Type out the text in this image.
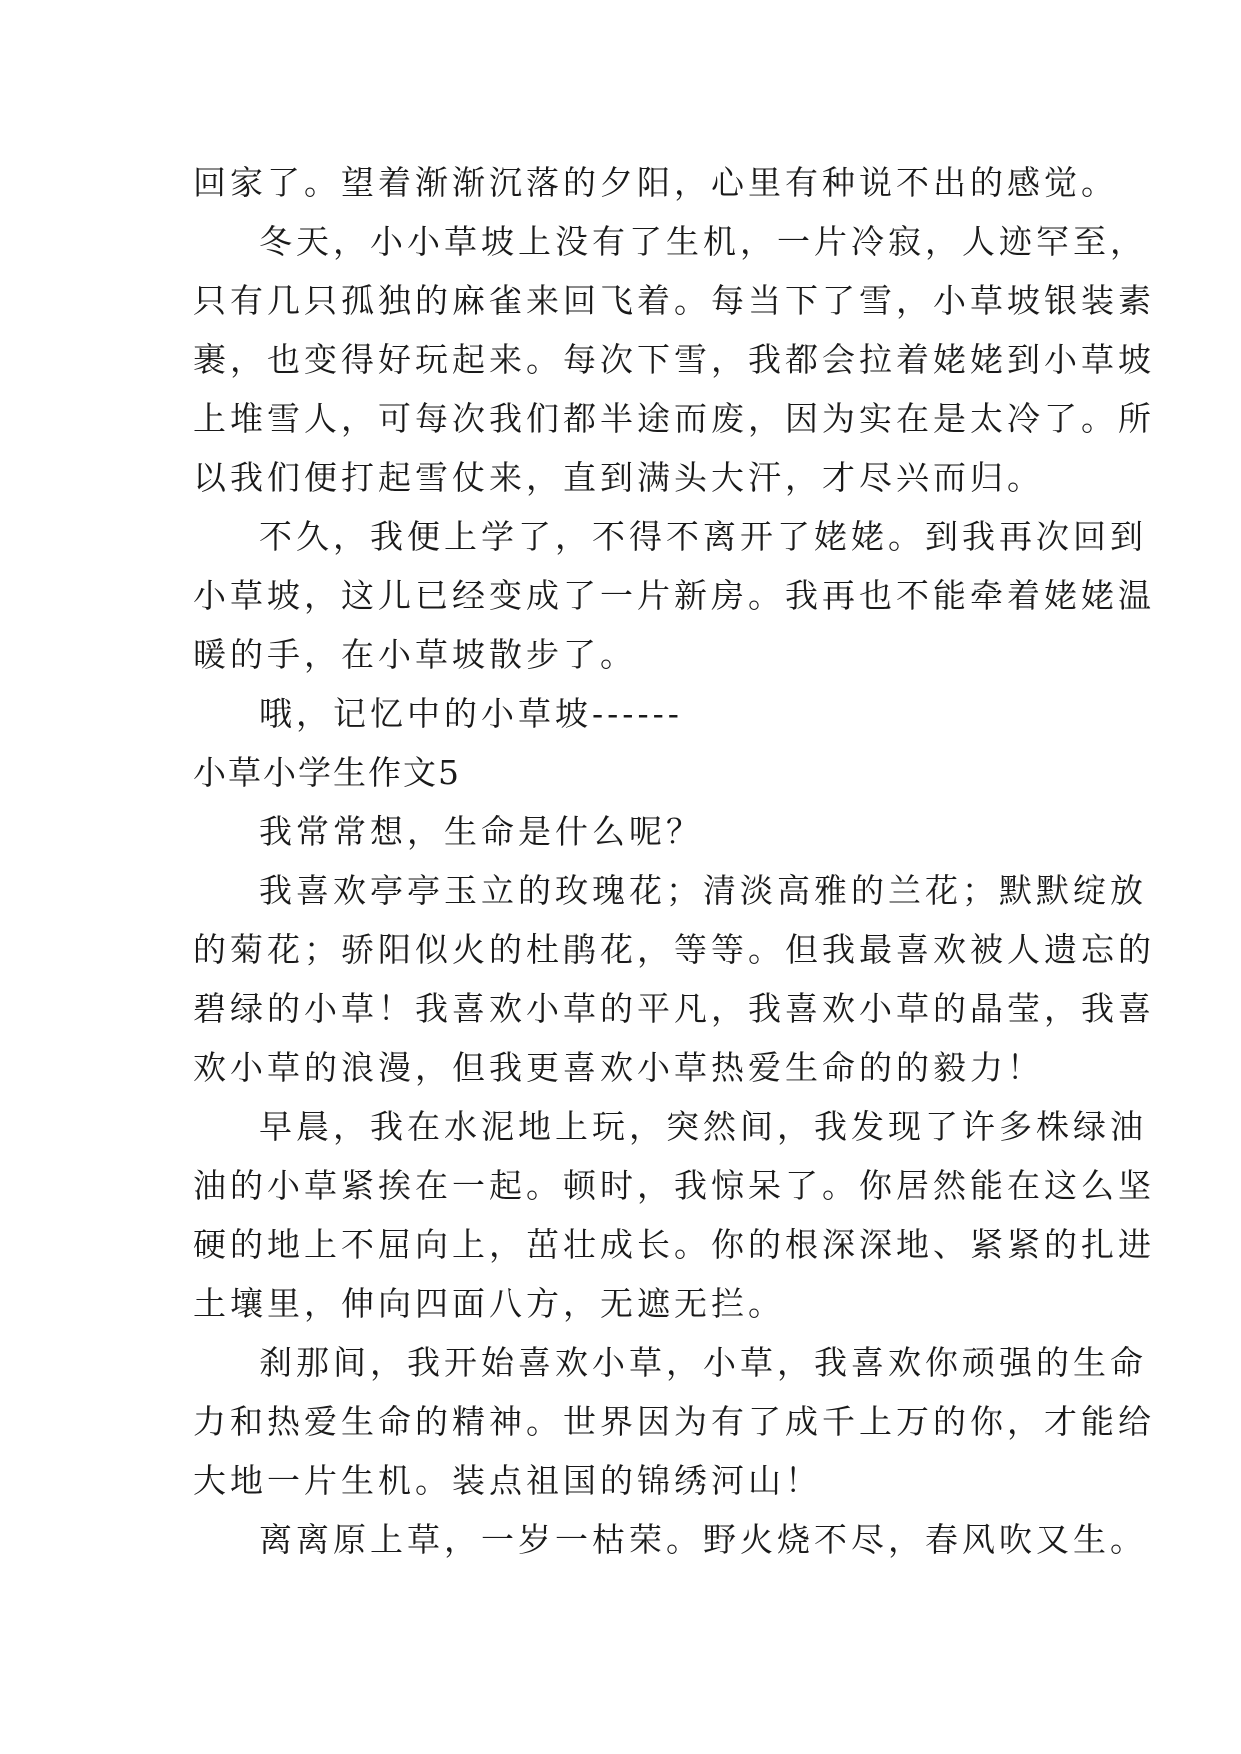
回家了。望着渐渐沉落的夕阳，心里有种说不出的感觉。
冬天，小小草坡上没有了生机，一片冷寂，人迹罕至，
只有几只孤独的麻雀来回飞着。每当下了雪，小草坡银装素
裹，也变得好玩起来。每次下雪，我都会拉着姥姥到小草坡
上堆雪人，可每次我们都半途而废，因为实在是太冷了。所
以我们便打起雪仗来，直到满头大汗，才尽兴而归。
不久，我便上学了，不得不离开了姥姥。到我再次回到
小草坡，这儿已经变成了一片新房。我再也不能牵着姥姥温
暖的手，在小草坡散步了。
哦，记忆中的小草坡------
小草小学生作文5
我常常想，生命是什么呢？
我喜欢亭亭玉立的玫瑰花；清淡高雅的兰花；默默绽放
的菊花；骄阳似火的杜鹃花，等等。但我最喜欢被人遗忘的
碧绿的小草！我喜欢小草的平凡，我喜欢小草的晶莹，我喜
欢小草的浪漫，但我更喜欢小草热爱生命的的毅力！
早晨，我在水泥地上玩，突然间，我发现了许多株绿油
油的小草紧挨在一起。顿时，我惊呆了。你居然能在这么坚
硬的地上不屈向上，茁壮成长。你的根深深地、紧紧的扎进
土壤里，伸向四面八方，无遮无拦。
刹那间，我开始喜欢小草，小草，我喜欢你顽强的生命
力和热爱生命的精神。世界因为有了成千上万的你，才能给
大地一片生机。装点祖国的锦绣河山！
离离原上草，一岁一枯荣。野火烧不尽，春风吹又生。
